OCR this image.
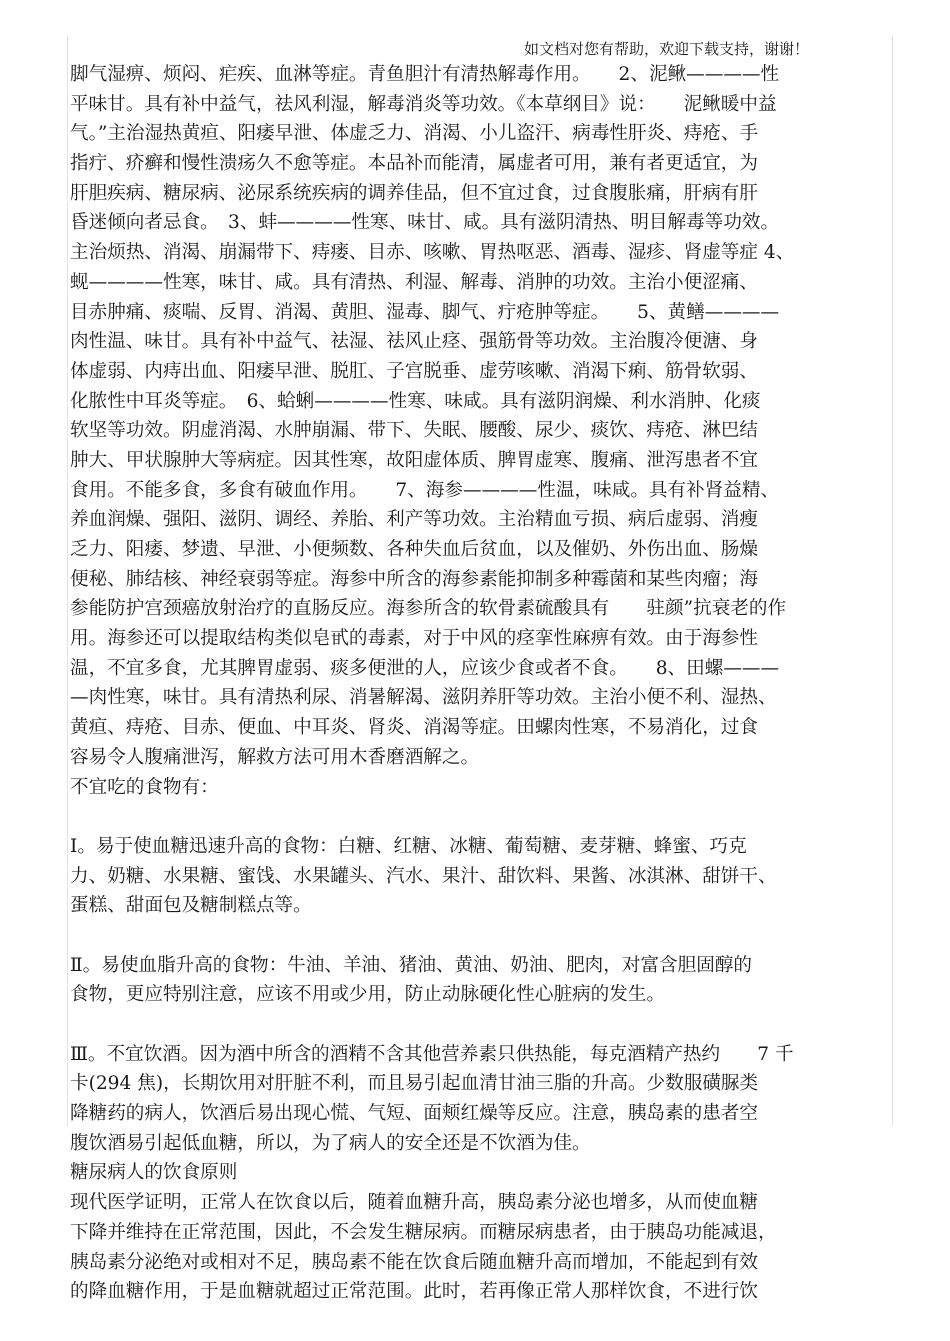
如文档对您有帮助，欢迎下载支持，谢谢！
脚气湿痹、烦闷、疟疾、血淋等症。青鱼胆汁有清热解毒作用。　　2、泥鳅————性
平味甘。具有补中益气，祛风利湿，解毒消炎等功效。《本草纲目》说：　　泥鳅暖中益
气。”主治湿热黄疸、阳痿早泄、体虚乏力、消渴、小儿盗汗、病毒性肝炎、痔疮、手
指疔、疥癣和慢性溃疡久不愈等症。本品补而能清，属虚者可用，兼有者更适宜，为
肝胆疾病、糖尿病、泌尿系统疾病的调养佳品，但不宜过食，过食腹胀痛，肝病有肝
昏迷倾向者忌食。　3、蚌————性寒、味甘、咸。具有滋阴清热、明目解毒等功效。
主治烦热、消渴、崩漏带下、痔瘘、目赤、咳嗽、胃热呕恶、酒毒、湿疹、肾虚等症 4、
蚬————性寒，味甘、咸。具有清热、利湿、解毒、消肿的功效。主治小便涩痛、
目赤肿痛、痰喘、反胃、消渴、黄胆、湿毒、脚气、疔疮肿等症。　　5、黄鳝————
肉性温、味甘。具有补中益气、祛湿、祛风止痉、强筋骨等功效。主治腹冷便溏、身
体虚弱、内痔出血、阳痿早泄、脱肛、子宫脱垂、虚劳咳嗽、消渴下痢、筋骨软弱、
化脓性中耳炎等症。　6、蛤蜊————性寒、味咸。具有滋阴润燥、利水消肿、化痰
软坚等功效。阴虚消渴、水肿崩漏、带下、失眠、腰酸、尿少、痰饮、痔疮、淋巴结
肿大、甲状腺肿大等病症。因其性寒，故阳虚体质、脾胃虚寒、腹痛、泄泻患者不宜
食用。不能多食，多食有破血作用。　　7、海参————性温，味咸。具有补肾益精、
养血润燥、强阳、滋阴、调经、养胎、利产等功效。主治精血亏损、病后虚弱、消瘦
乏力、阳痿、梦遗、早泄、小便频数、各种失血后贫血，以及催奶、外伤出血、肠燥
便秘、肺结核、神经衰弱等症。海参中所含的海参素能抑制多种霉菌和某些肉瘤；海
参能防护宫颈癌放射治疗的直肠反应。海参所含的软骨素硫酸具有　　驻颜”抗衰老的作
用。海参还可以提取结构类似皂甙的毒素，对于中风的痉挛性麻痹有效。由于海参性
温，不宜多食，尤其脾胃虚弱、痰多便泄的人，应该少食或者不食。　　8、田螺———
—肉性寒，味甘。具有清热利尿、消暑解渴、滋阴养肝等功效。主治小便不利、湿热、
黄疸、痔疮、目赤、便血、中耳炎、肾炎、消渴等症。田螺肉性寒，不易消化，过食
容易令人腹痛泄泻，解救方法可用木香磨酒解之。
不宜吃的食物有：
Ⅰ。易于使血糖迅速升高的食物：白糖、红糖、冰糖、葡萄糖、麦芽糖、蜂蜜、巧克
力、奶糖、水果糖、蜜饯、水果罐头、汽水、果汁、甜饮料、果酱、冰淇淋、甜饼干、
蛋糕、甜面包及糖制糕点等。
Ⅱ。易使血脂升高的食物：牛油、羊油、猪油、黄油、奶油、肥肉，对富含胆固醇的
食物，更应特别注意，应该不用或少用，防止动脉硬化性心脏病的发生。
Ⅲ。不宜饮酒。因为酒中所含的酒精不含其他营养素只供热能，每克酒精产热约　　7 千
卡(294 焦)，长期饮用对肝脏不利，而且易引起血清甘油三脂的升高。少数服磺脲类
降糖药的病人，饮酒后易出现心慌、气短、面颊红燥等反应。注意，胰岛素的患者空
腹饮酒易引起低血糖，所以，为了病人的安全还是不饮酒为佳。
糖尿病人的饮食原则
现代医学证明，正常人在饮食以后，随着血糖升高，胰岛素分泌也增多，从而使血糖
下降并维持在正常范围，因此，不会发生糖尿病。而糖尿病患者，由于胰岛功能减退，
胰岛素分泌绝对或相对不足，胰岛素不能在饮食后随血糖升高而增加，不能起到有效
的降血糖作用，于是血糖就超过正常范围。此时，若再像正常人那样饮食，不进行饮
